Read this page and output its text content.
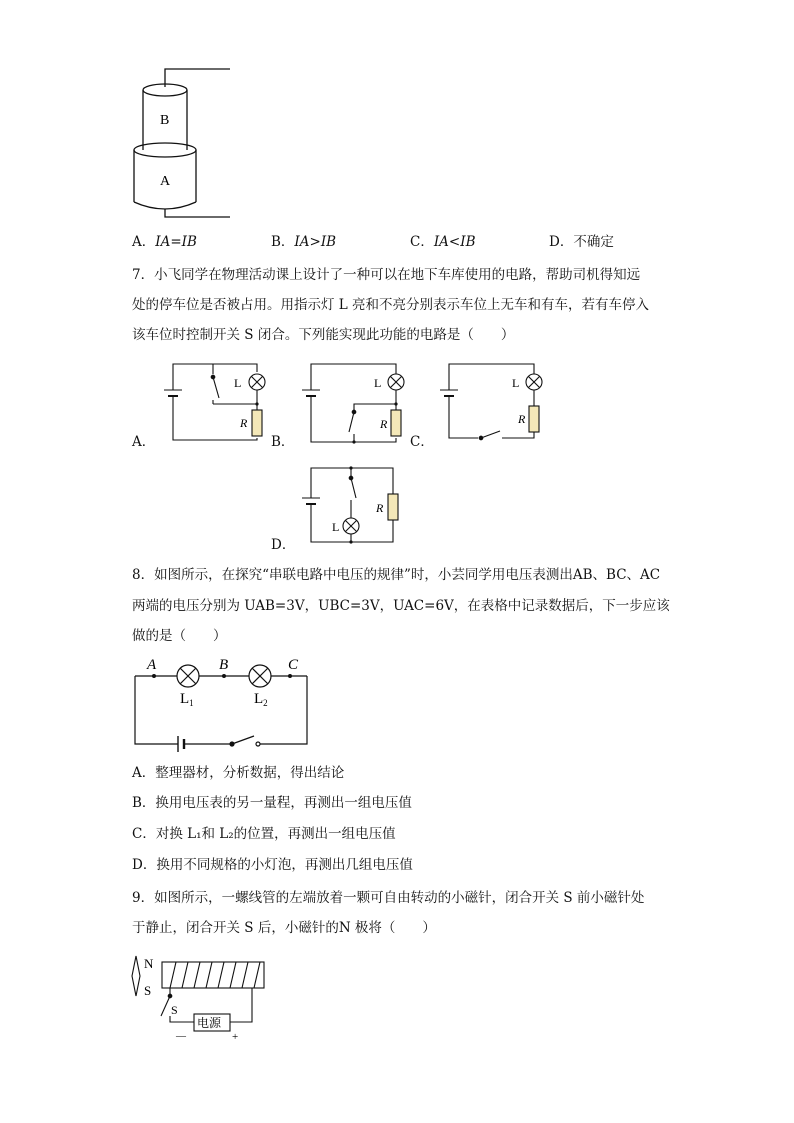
B
A
A．IA=IB	B．IA>IB	C．IA<IB	D．不确定
7．小飞同学在物理活动课上设计了一种可以在地下车库使用的电路，帮助司机得知远
处的停车位是否被占用。用指示灯 L 亮和不亮分别表示车位上无车和有车，若有车停入
该车位时控制开关 S 闭合。下列能实现此功能的电路是（　　）
L
R
A．
L
R
B．
L
R
C．
L
R
D．
8．如图所示，在探究“串联电路中电压的规律”时，小芸同学用电压表测出AB、BC、AC
两端的电压分别为 UAB=3V，UBC=3V，UAC=6V，在表格中记录数据后，下一步应该
做的是（　　）
A	B	C
$L_1$	$L_2$
A．整理器材，分析数据，得出结论
B．换用电压表的另一量程，再测出一组电压值
C．对换 L₁和 L₂的位置，再测出一组电压值
D．换用不同规格的小灯泡，再测出几组电压值
9．如图所示，一螺线管的左端放着一颗可自由转动的小磁针，闭合开关 S 前小磁针处
于静止，闭合开关 S 后，小磁针的N 极将（　　）
N
S
S
电源
—	+
